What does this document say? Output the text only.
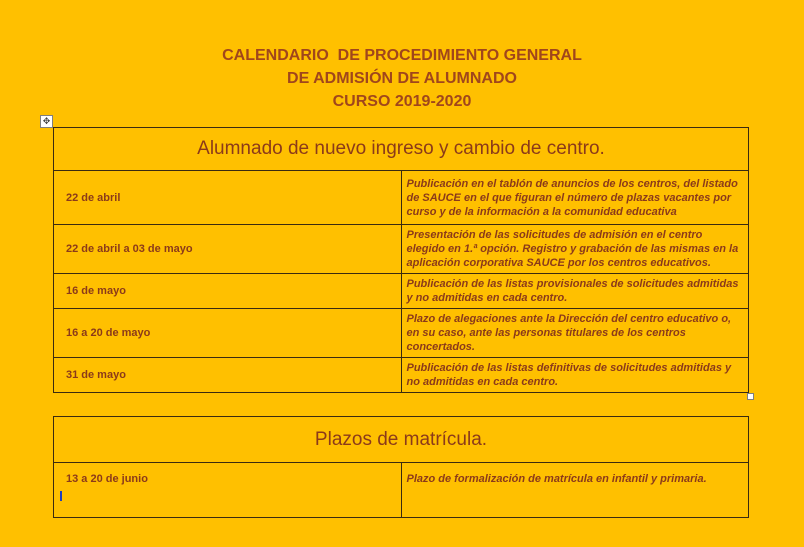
CALENDARIO  DE PROCEDIMIENTO GENERAL
DE ADMISIÓN DE ALUMNADO
CURSO 2019-2020
✥
Alumnado de nuevo ingreso y cambio de centro.	
22 de abril	Publicación en el tablón de anuncios de los centros, del listado de SAUCE en el que figuran el número de plazas vacantes por curso y de la información a la comunidad educativa
22 de abril a 03 de mayo	Presentación de las solicitudes de admisión en el centro elegido en 1.ª opción. Registro y grabación de las mismas en la aplicación corporativa SAUCE por los centros educativos.
16 de mayo	Publicación de las listas provisionales de solicitudes admitidas y no admitidas en cada centro.
16 a 20 de mayo	Plazo de alegaciones ante la Dirección del centro educativo o, en su caso, ante las personas titulares de los centros concertados.
31 de mayo	Publicación de las listas definitivas de solicitudes admitidas y no admitidas en cada centro.
Plazos de matrícula.

13 a 20 de junio	Plazo de formalización de matrícula en infantil y primaria.
